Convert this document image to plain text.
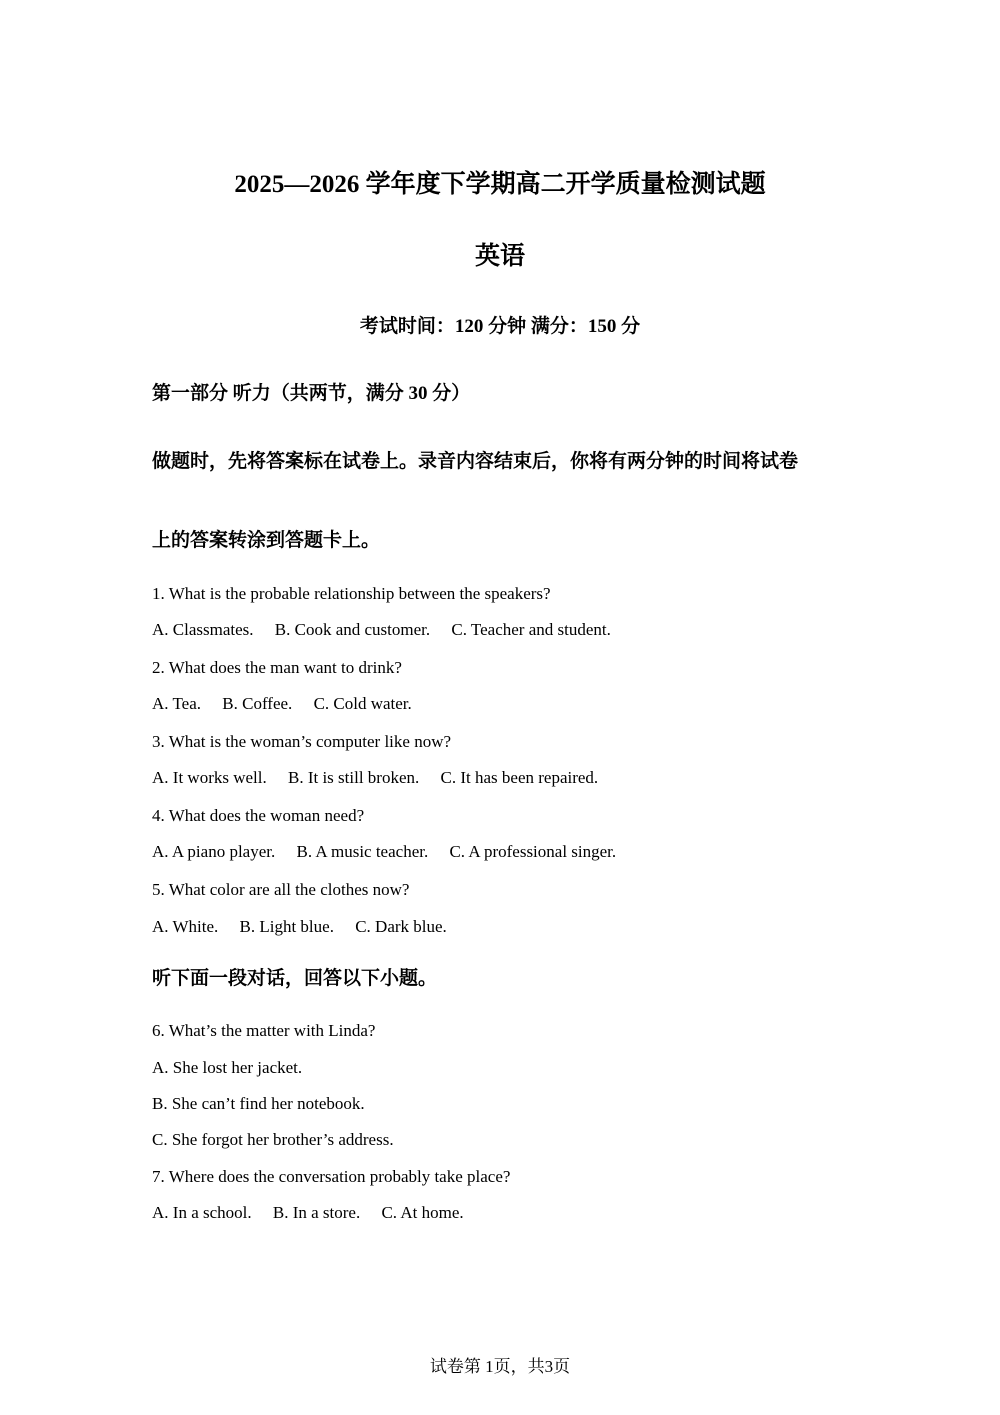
2025—2026 学年度下学期高二开学质量检测试题
英语
考试时间：120 分钟 满分：150 分
第一部分 听力（共两节，满分 30 分）
做题时，先将答案标在试卷上。录音内容结束后，你将有两分钟的时间将试卷
上的答案转涂到答题卡上。
1. What is the probable relationship between the speakers?
A. Classmates. B. Cook and customer. C. Teacher and student.
2. What does the man want to drink?
A. Tea. B. Coffee. C. Cold water.
3. What is the woman’s computer like now?
A. It works well. B. It is still broken. C. It has been repaired.
4. What does the woman need?
A. A piano player. B. A music teacher. C. A professional singer.
5. What color are all the clothes now?
A. White. B. Light blue. C. Dark blue.
听下面一段对话，回答以下小题。
6. What’s the matter with Linda?
A. She lost her jacket.
B. She can’t find her notebook.
C. She forgot her brother’s address.
7. Where does the conversation probably take place?
A. In a school. B. In a store. C. At home.
试卷第 1页，共3页
